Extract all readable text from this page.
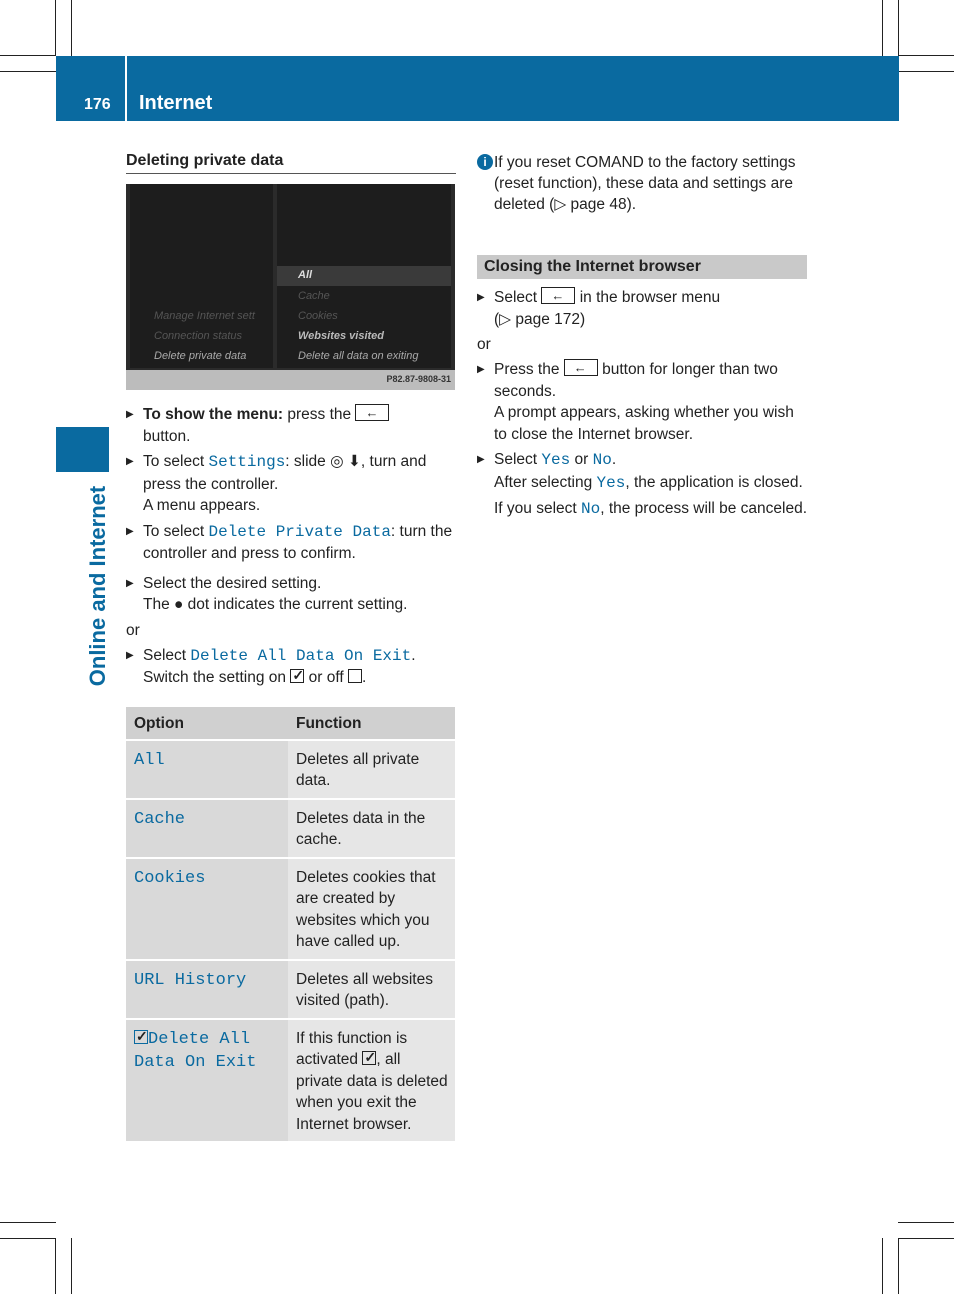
176 Internet
Online and Internet
Deleting private data
Manage Internet sett
Connection status
Delete private data
All
Cache
Cookies
Websites visited
Delete all data on exiting
P82.87-9808-31
▶ To show the menu: press the ←
button.
▶ To select Settings: slide ◎ ⬇, turn and press the controller.
A menu appears.
▶ To select Delete Private Data: turn the controller and press to confirm.
▶ Select the desired setting.
The ● dot indicates the current setting.
or
▶ Select Delete All Data On Exit.
Switch the setting on ✓ or off .
Option	Function
All	Deletes all private data.
Cache	Deletes data in the cache.
Cookies	Deletes cookies that are created by websites which you have called up.
URL History	Deletes all websites visited (path).
✓Delete All Data On Exit	If this function is activated ✓, all private data is deleted when you exit the Internet browser.
i If you reset COMAND to the factory settings (reset function), these data and settings are deleted (▷ page 48).
Closing the Internet browser
▶ Select ← in the browser menu
(▷ page 172)
or
▶ Press the ← button for longer than two seconds.
A prompt appears, asking whether you wish to close the Internet browser.
▶ Select Yes or No.
After selecting Yes, the application is closed.
If you select No, the process will be canceled.
